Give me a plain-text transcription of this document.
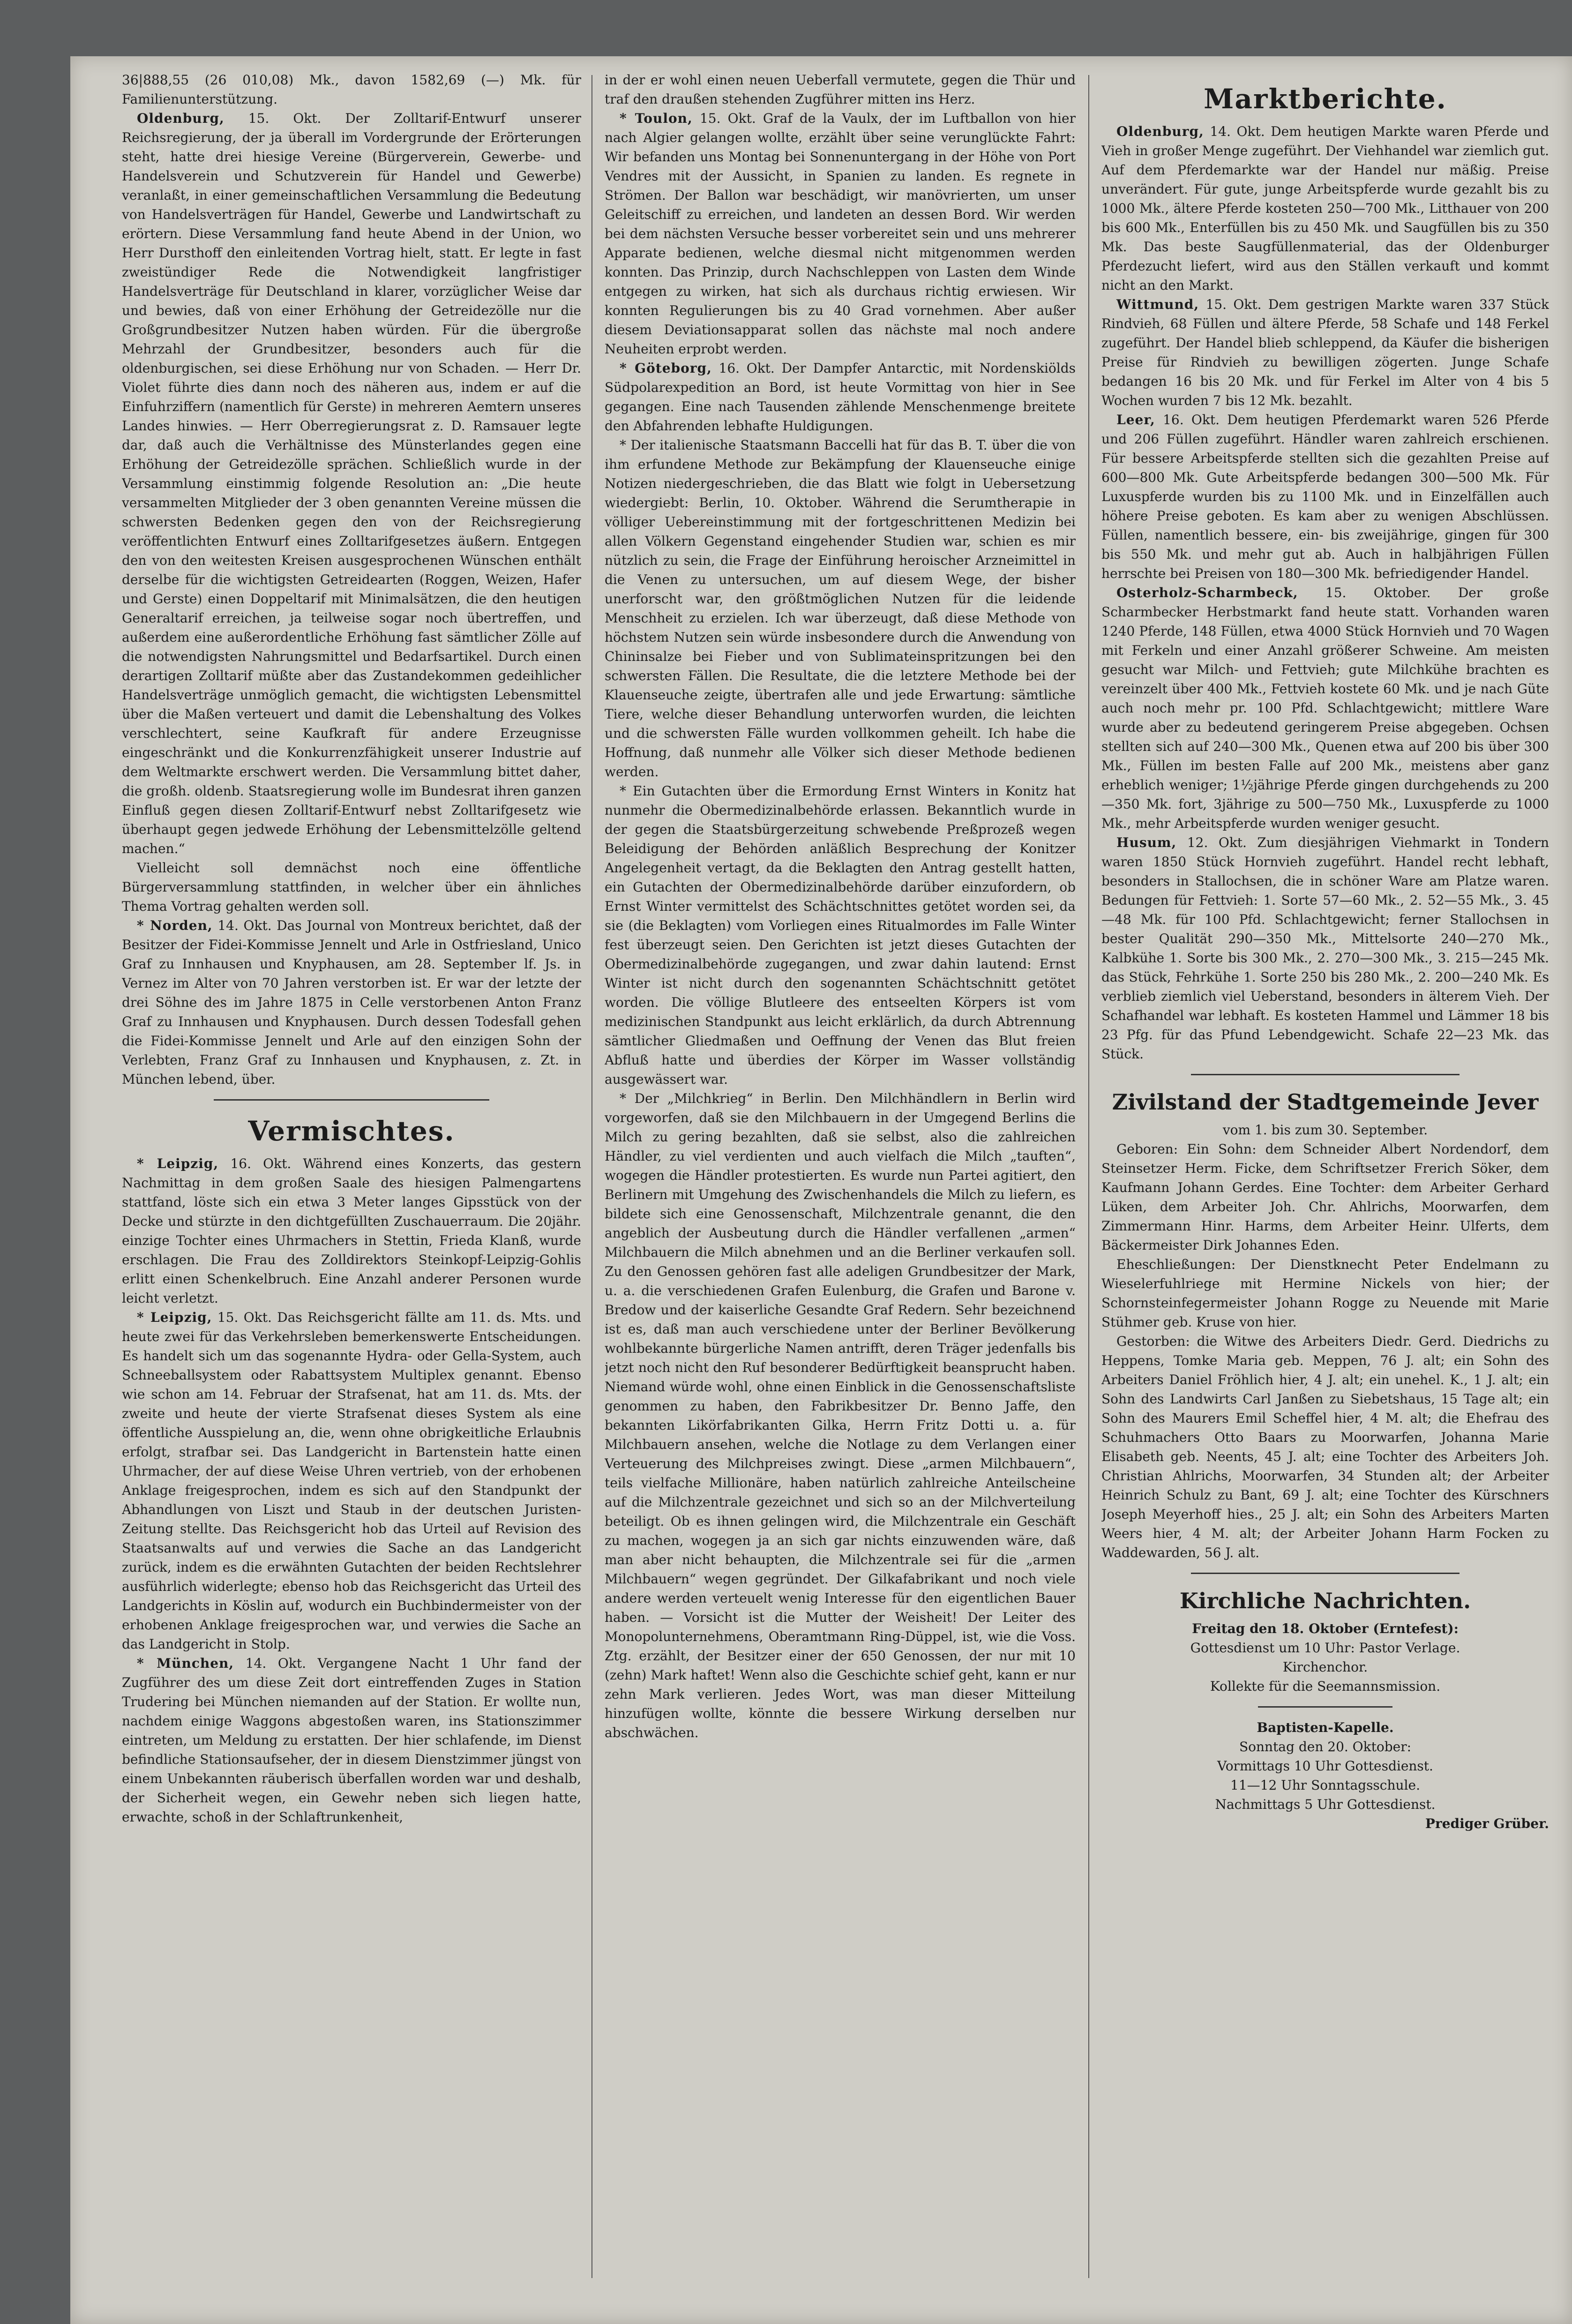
36|888,55 (26 010,08) Mk., davon 1582,69 (—) Mk. für Familienunterstützung.

Oldenburg, 15. Okt. Der Zolltarif-Entwurf unserer Reichsregierung, der ja überall im Vordergrunde der Erörterungen steht, hatte drei hiesige Vereine (Bürgerverein, Gewerbe- und Handelsverein und Schutzverein für Handel und Gewerbe) veranlaßt, in einer gemeinschaftlichen Versammlung die Bedeutung von Handelsverträgen für Handel, Gewerbe und Landwirtschaft zu erörtern. Diese Versammlung fand heute Abend in der Union, wo Herr Dursthoff den einleitenden Vortrag hielt, statt. Er legte in fast zweistündiger Rede die Notwendigkeit langfristiger Handelsverträge für Deutschland in klarer, vorzüglicher Weise dar und bewies, daß von einer Erhöhung der Getreidezölle nur die Großgrundbesitzer Nutzen haben würden. Für die übergroße Mehrzahl der Grundbesitzer, besonders auch für die oldenburgischen, sei diese Erhöhung nur von Schaden. — Herr Dr. Violet führte dies dann noch des näheren aus, indem er auf die Einfuhrziffern (namentlich für Gerste) in mehreren Aemtern unseres Landes hinwies. — Herr Oberregierungsrat z. D. Ramsauer legte dar, daß auch die Verhältnisse des Münsterlandes gegen eine Erhöhung der Getreidezölle sprächen. Schließlich wurde in der Versammlung einstimmig folgende Resolution an: „Die heute versammelten Mitglieder der 3 oben genannten Vereine müssen die schwersten Bedenken gegen den von der Reichsregierung veröffentlichten Entwurf eines Zolltarifgesetzes äußern. Entgegen den von den weitesten Kreisen ausgesprochenen Wünschen enthält derselbe für die wichtigsten Getreidearten (Roggen, Weizen, Hafer und Gerste) einen Doppeltarif mit Minimalsätzen, die den heutigen Generaltarif erreichen, ja teilweise sogar noch übertreffen, und außerdem eine außerordentliche Erhöhung fast sämtlicher Zölle auf die notwendigsten Nahrungsmittel und Bedarfsartikel. Durch einen derartigen Zolltarif müßte aber das Zustandekommen gedeihlicher Handelsverträge unmöglich gemacht, die wichtigsten Lebensmittel über die Maßen verteuert und damit die Lebenshaltung des Volkes verschlechtert, seine Kaufkraft für andere Erzeugnisse eingeschränkt und die Konkurrenzfähigkeit unserer Industrie auf dem Weltmarkte erschwert werden. Die Versammlung bittet daher, die großh. oldenb. Staatsregierung wolle im Bundesrat ihren ganzen Einfluß gegen diesen Zolltarif-Entwurf nebst Zolltarifgesetz wie überhaupt gegen jedwede Erhöhung der Lebensmittelzölle geltend machen.“

Vielleicht soll demnächst noch eine öffentliche Bürgerversammlung stattfinden, in welcher über ein ähnliches Thema Vortrag gehalten werden soll.

* Norden, 14. Okt. Das Journal von Montreux berichtet, daß der Besitzer der Fidei-Kommisse Jennelt und Arle in Ostfriesland, Unico Graf zu Innhausen und Knyphausen, am 28. September lf. Js. in Vernez im Alter von 70 Jahren verstorben ist. Er war der letzte der drei Söhne des im Jahre 1875 in Celle verstorbenen Anton Franz Graf zu Innhausen und Knyphausen. Durch dessen Todesfall gehen die Fidei-Kommisse Jennelt und Arle auf den einzigen Sohn der Verlebten, Franz Graf zu Innhausen und Knyphausen, z. Zt. in München lebend, über.

Vermischtes.

* Leipzig, 16. Okt. Während eines Konzerts, das gestern Nachmittag in dem großen Saale des hiesigen Palmengartens stattfand, löste sich ein etwa 3 Meter langes Gipsstück von der Decke und stürzte in den dichtgefüllten Zuschauerraum. Die 20jähr. einzige Tochter eines Uhrmachers in Stettin, Frieda Klanß, wurde erschlagen. Die Frau des Zolldirektors Steinkopf-Leipzig-Gohlis erlitt einen Schenkelbruch. Eine Anzahl anderer Personen wurde leicht verletzt.

* Leipzig, 15. Okt. Das Reichsgericht fällte am 11. ds. Mts. und heute zwei für das Verkehrsleben bemerkenswerte Entscheidungen. Es handelt sich um das sogenannte Hydra- oder Gella-System, auch Schneeballsystem oder Rabattsystem Multiplex genannt. Ebenso wie schon am 14. Februar der Strafsenat, hat am 11. ds. Mts. der zweite und heute der vierte Strafsenat dieses System als eine öffentliche Ausspielung an, die, wenn ohne obrigkeitliche Erlaubnis erfolgt, strafbar sei. Das Landgericht in Bartenstein hatte einen Uhrmacher, der auf diese Weise Uhren vertrieb, von der erhobenen Anklage freigesprochen, indem es sich auf den Standpunkt der Abhandlungen von Liszt und Staub in der deutschen Juristen-Zeitung stellte. Das Reichsgericht hob das Urteil auf Revision des Staatsanwalts auf und verwies die Sache an das Landgericht zurück, indem es die erwähnten Gutachten der beiden Rechtslehrer ausführlich widerlegte; ebenso hob das Reichsgericht das Urteil des Landgerichts in Köslin auf, wodurch ein Buchbindermeister von der erhobenen Anklage freigesprochen war, und verwies die Sache an das Landgericht in Stolp.

* München, 14. Okt. Vergangene Nacht 1 Uhr fand der Zugführer des um diese Zeit dort eintreffenden Zuges in Station Trudering bei München niemanden auf der Station. Er wollte nun, nachdem einige Waggons abgestoßen waren, ins Stationszimmer eintreten, um Meldung zu erstatten. Der hier schlafende, im Dienst befindliche Stationsaufseher, der in diesem Dienstzimmer jüngst von einem Unbekannten räuberisch überfallen worden war und deshalb, der Sicherheit wegen, ein Gewehr neben sich liegen hatte, erwachte, schoß in der Schlaftrunkenheit,

in der er wohl einen neuen Ueberfall vermutete, gegen die Thür und traf den draußen stehenden Zugführer mitten ins Herz.

* Toulon, 15. Okt. Graf de la Vaulx, der im Luftballon von hier nach Algier gelangen wollte, erzählt über seine verunglückte Fahrt: Wir befanden uns Montag bei Sonnenuntergang in der Höhe von Port Vendres mit der Aussicht, in Spanien zu landen. Es regnete in Strömen. Der Ballon war beschädigt, wir manövrierten, um unser Geleitschiff zu erreichen, und landeten an dessen Bord. Wir werden bei dem nächsten Versuche besser vorbereitet sein und uns mehrerer Apparate bedienen, welche diesmal nicht mitgenommen werden konnten. Das Prinzip, durch Nachschleppen von Lasten dem Winde entgegen zu wirken, hat sich als durchaus richtig erwiesen. Wir konnten Regulierungen bis zu 40 Grad vornehmen. Aber außer diesem Deviationsapparat sollen das nächste mal noch andere Neuheiten erprobt werden.

* Göteborg, 16. Okt. Der Dampfer Antarctic, mit Nordenskiölds Südpolarexpedition an Bord, ist heute Vormittag von hier in See gegangen. Eine nach Tausenden zählende Menschenmenge breitete den Abfahrenden lebhafte Huldigungen.

* Der italienische Staatsmann Baccelli hat für das B. T. über die von ihm erfundene Methode zur Bekämpfung der Klauenseuche einige Notizen niedergeschrieben, die das Blatt wie folgt in Uebersetzung wiedergiebt: Berlin, 10. Oktober. Während die Serumtherapie in völliger Uebereinstimmung mit der fortgeschrittenen Medizin bei allen Völkern Gegenstand eingehender Studien war, schien es mir nützlich zu sein, die Frage der Einführung heroischer Arzneimittel in die Venen zu untersuchen, um auf diesem Wege, der bisher unerforscht war, den größtmöglichen Nutzen für die leidende Menschheit zu erzielen. Ich war überzeugt, daß diese Methode von höchstem Nutzen sein würde insbesondere durch die Anwendung von Chininsalze bei Fieber und von Sublimateinspritzungen bei den schwersten Fällen. Die Resultate, die die letztere Methode bei der Klauenseuche zeigte, übertrafen alle und jede Erwartung: sämtliche Tiere, welche dieser Behandlung unterworfen wurden, die leichten und die schwersten Fälle wurden vollkommen geheilt. Ich habe die Hoffnung, daß nunmehr alle Völker sich dieser Methode bedienen werden.

* Ein Gutachten über die Ermordung Ernst Winters in Konitz hat nunmehr die Obermedizinalbehörde erlassen. Bekanntlich wurde in der gegen die Staatsbürgerzeitung schwebende Preßprozeß wegen Beleidigung der Behörden anläßlich Besprechung der Konitzer Angelegenheit vertagt, da die Beklagten den Antrag gestellt hatten, ein Gutachten der Obermedizinalbehörde darüber einzufordern, ob Ernst Winter vermittelst des Schächtschnittes getötet worden sei, da sie (die Beklagten) vom Vorliegen eines Ritualmordes im Falle Winter fest überzeugt seien. Den Gerichten ist jetzt dieses Gutachten der Obermedizinalbehörde zugegangen, und zwar dahin lautend: Ernst Winter ist nicht durch den sogenannten Schächtschnitt getötet worden. Die völlige Blutleere des entseelten Körpers ist vom medizinischen Standpunkt aus leicht erklärlich, da durch Abtrennung sämtlicher Gliedmaßen und Oeffnung der Venen das Blut freien Abfluß hatte und überdies der Körper im Wasser vollständig ausgewässert war.

* Der „Milchkrieg“ in Berlin. Den Milchhändlern in Berlin wird vorgeworfen, daß sie den Milchbauern in der Umgegend Berlins die Milch zu gering bezahlten, daß sie selbst, also die zahlreichen Händler, zu viel verdienten und auch vielfach die Milch „tauften“, wogegen die Händler protestierten. Es wurde nun Partei agitiert, den Berlinern mit Umgehung des Zwischenhandels die Milch zu liefern, es bildete sich eine Genossenschaft, Milchzentrale genannt, die den angeblich der Ausbeutung durch die Händler verfallenen „armen“ Milchbauern die Milch abnehmen und an die Berliner verkaufen soll. Zu den Genossen gehören fast alle adeligen Grundbesitzer der Mark, u. a. die verschiedenen Grafen Eulenburg, die Grafen und Barone v. Bredow und der kaiserliche Gesandte Graf Redern. Sehr bezeichnend ist es, daß man auch verschiedene unter der Berliner Bevölkerung wohlbekannte bürgerliche Namen antrifft, deren Träger jedenfalls bis jetzt noch nicht den Ruf besonderer Bedürftigkeit beansprucht haben. Niemand würde wohl, ohne einen Einblick in die Genossenschaftsliste genommen zu haben, den Fabrikbesitzer Dr. Benno Jaffe, den bekannten Likörfabrikanten Gilka, Herrn Fritz Dotti u. a. für Milchbauern ansehen, welche die Notlage zu dem Verlangen einer Verteuerung des Milchpreises zwingt. Diese „armen Milchbauern“, teils vielfache Millionäre, haben natürlich zahlreiche Anteilscheine auf die Milchzentrale gezeichnet und sich so an der Milchverteilung beteiligt. Ob es ihnen gelingen wird, die Milchzentrale ein Geschäft zu machen, wogegen ja an sich gar nichts einzuwenden wäre, daß man aber nicht behaupten, die Milchzentrale sei für die „armen Milchbauern“ wegen gegründet. Der Gilkafabrikant und noch viele andere werden verteuelt wenig Interesse für den eigentlichen Bauer haben. — Vorsicht ist die Mutter der Weisheit! Der Leiter des Monopolunternehmens, Oberamtmann Ring-Düppel, ist, wie die Voss. Ztg. erzählt, der Besitzer einer der 650 Genossen, der nur mit 10 (zehn) Mark haftet! Wenn also die Geschichte schief geht, kann er nur zehn Mark verlieren. Jedes Wort, was man dieser Mitteilung hinzufügen wollte, könnte die bessere Wirkung derselben nur abschwächen.

Marktberichte.

Oldenburg, 14. Okt. Dem heutigen Markte waren Pferde und Vieh in großer Menge zugeführt. Der Viehhandel war ziemlich gut. Auf dem Pferdemarkte war der Handel nur mäßig. Preise unverändert. Für gute, junge Arbeitspferde wurde gezahlt bis zu 1000 Mk., ältere Pferde kosteten 250—700 Mk., Litthauer von 200 bis 600 Mk., Enterfüllen bis zu 450 Mk. und Saugfüllen bis zu 350 Mk. Das beste Saugfüllenmaterial, das der Oldenburger Pferdezucht liefert, wird aus den Ställen verkauft und kommt nicht an den Markt.

Wittmund, 15. Okt. Dem gestrigen Markte waren 337 Stück Rindvieh, 68 Füllen und ältere Pferde, 58 Schafe und 148 Ferkel zugeführt. Der Handel blieb schleppend, da Käufer die bisherigen Preise für Rindvieh zu bewilligen zögerten. Junge Schafe bedangen 16 bis 20 Mk. und für Ferkel im Alter von 4 bis 5 Wochen wurden 7 bis 12 Mk. bezahlt.

Leer, 16. Okt. Dem heutigen Pferdemarkt waren 526 Pferde und 206 Füllen zugeführt. Händler waren zahlreich erschienen. Für bessere Arbeitspferde stellten sich die gezahlten Preise auf 600—800 Mk. Gute Arbeitspferde bedangen 300—500 Mk. Für Luxuspferde wurden bis zu 1100 Mk. und in Einzelfällen auch höhere Preise geboten. Es kam aber zu wenigen Abschlüssen. Füllen, namentlich bessere, ein- bis zweijährige, gingen für 300 bis 550 Mk. und mehr gut ab. Auch in halbjährigen Füllen herrschte bei Preisen von 180—300 Mk. befriedigender Handel.

Osterholz-Scharmbeck, 15. Oktober. Der große Scharmbecker Herbstmarkt fand heute statt. Vorhanden waren 1240 Pferde, 148 Füllen, etwa 4000 Stück Hornvieh und 70 Wagen mit Ferkeln und einer Anzahl größerer Schweine. Am meisten gesucht war Milch- und Fettvieh; gute Milchkühe brachten es vereinzelt über 400 Mk., Fettvieh kostete 60 Mk. und je nach Güte auch noch mehr pr. 100 Pfd. Schlachtgewicht; mittlere Ware wurde aber zu bedeutend geringerem Preise abgegeben. Ochsen stellten sich auf 240—300 Mk., Quenen etwa auf 200 bis über 300 Mk., Füllen im besten Falle auf 200 Mk., meistens aber ganz erheblich weniger; 1½jährige Pferde gingen durchgehends zu 200—350 Mk. fort, 3jährige zu 500—750 Mk., Luxuspferde zu 1000 Mk., mehr Arbeitspferde wurden weniger gesucht.

Husum, 12. Okt. Zum diesjährigen Viehmarkt in Tondern waren 1850 Stück Hornvieh zugeführt. Handel recht lebhaft, besonders in Stallochsen, die in schöner Ware am Platze waren. Bedungen für Fettvieh: 1. Sorte 57—60 Mk., 2. 52—55 Mk., 3. 45—48 Mk. für 100 Pfd. Schlachtgewicht; ferner Stallochsen in bester Qualität 290—350 Mk., Mittelsorte 240—270 Mk., Kalbkühe 1. Sorte bis 300 Mk., 2. 270—300 Mk., 3. 215—245 Mk. das Stück, Fehrkühe 1. Sorte 250 bis 280 Mk., 2. 200—240 Mk. Es verblieb ziemlich viel Ueberstand, besonders in älterem Vieh. Der Schafhandel war lebhaft. Es kosteten Hammel und Lämmer 18 bis 23 Pfg. für das Pfund Lebendgewicht. Schafe 22—23 Mk. das Stück.

Zivilstand der Stadtgemeinde Jever

vom 1. bis zum 30. September.

Geboren: Ein Sohn: dem Schneider Albert Nordendorf, dem Steinsetzer Herm. Ficke, dem Schriftsetzer Frerich Söker, dem Kaufmann Johann Gerdes. Eine Tochter: dem Arbeiter Gerhard Lüken, dem Arbeiter Joh. Chr. Ahlrichs, Moorwarfen, dem Zimmermann Hinr. Harms, dem Arbeiter Heinr. Ulferts, dem Bäckermeister Dirk Johannes Eden.

Eheschließungen: Der Dienstknecht Peter Endelmann zu Wieselerfuhlriege mit Hermine Nickels von hier; der Schornsteinfegermeister Johann Rogge zu Neuende mit Marie Stühmer geb. Kruse von hier.

Gestorben: die Witwe des Arbeiters Diedr. Gerd. Diedrichs zu Heppens, Tomke Maria geb. Meppen, 76 J. alt; ein Sohn des Arbeiters Daniel Fröhlich hier, 4 J. alt; ein unehel. K., 1 J. alt; ein Sohn des Landwirts Carl Janßen zu Siebetshaus, 15 Tage alt; ein Sohn des Maurers Emil Scheffel hier, 4 M. alt; die Ehefrau des Schuhmachers Otto Baars zu Moorwarfen, Johanna Marie Elisabeth geb. Neents, 45 J. alt; eine Tochter des Arbeiters Joh. Christian Ahlrichs, Moorwarfen, 34 Stunden alt; der Arbeiter Heinrich Schulz zu Bant, 69 J. alt; eine Tochter des Kürschners Joseph Meyerhoff hies., 25 J. alt; ein Sohn des Arbeiters Marten Weers hier, 4 M. alt; der Arbeiter Johann Harm Focken zu Waddewarden, 56 J. alt.

Kirchliche Nachrichten.

Freitag den 18. Oktober (Erntefest):

Gottesdienst um 10 Uhr: Pastor Verlage.

Kirchenchor.

Kollekte für die Seemannsmission.

Baptisten-Kapelle.

Sonntag den 20. Oktober:

Vormittags 10 Uhr Gottesdienst.

11—12 Uhr Sonntagsschule.

Nachmittags 5 Uhr Gottesdienst.

Prediger Grüber.
